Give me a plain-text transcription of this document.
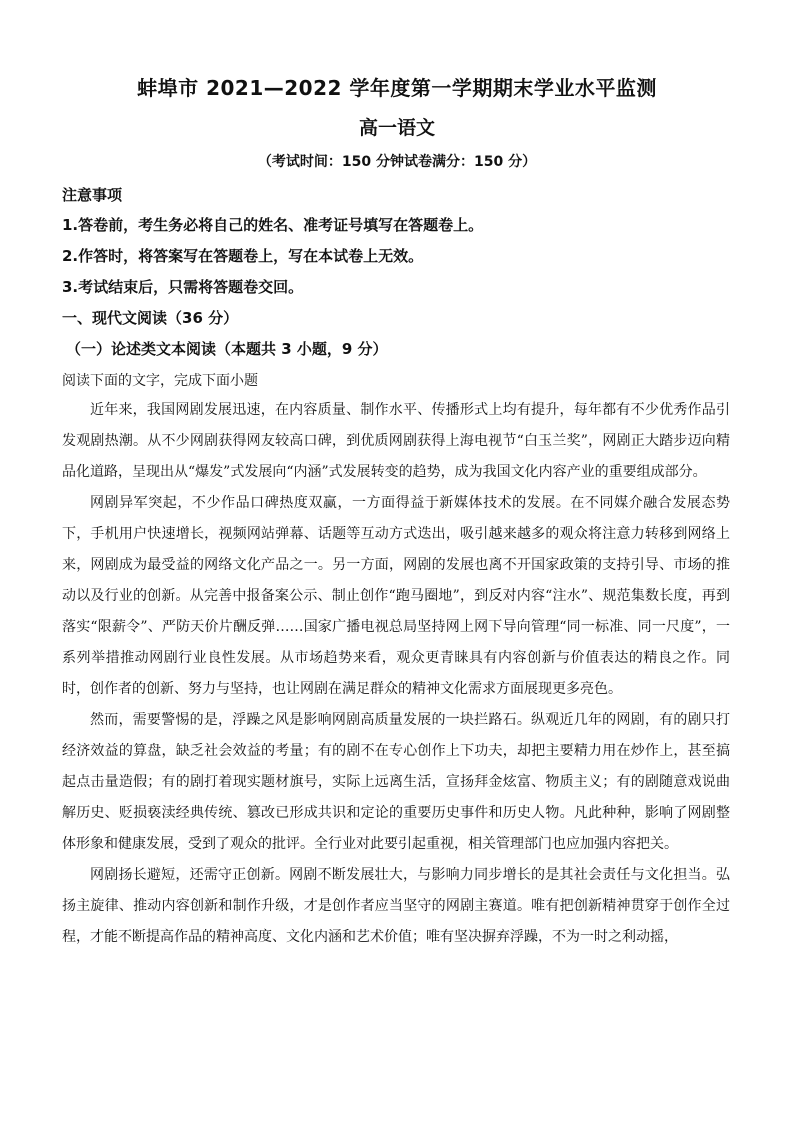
蚌埠市 2021—2022 学年度第一学期期末学业水平监测
高一语文
（考试时间：150 分钟试卷满分：150 分）
注意事项
1.答卷前，考生务必将自己的姓名、准考证号填写在答题卷上。
2.作答时，将答案写在答题卷上，写在本试卷上无效。
3.考试结束后，只需将答题卷交回。
一、现代文阅读（36 分）
（一）论述类文本阅读（本题共 3 小题，9 分）
阅读下面的文字，完成下面小题

近年来，我国网剧发展迅速，在内容质量、制作水平、传播形式上均有提升，每年都有不少优秀作品引发观剧热潮。从不少网剧获得网友较高口碑，到优质网剧获得上海电视节“白玉兰奖”，网剧正大踏步迈向精品化道路，呈现出从“爆发”式发展向“内涵”式发展转变的趋势，成为我国文化内容产业的重要组成部分。

网剧异军突起，不少作品口碑热度双赢，一方面得益于新媒体技术的发展。在不同媒介融合发展态势下，手机用户快速增长，视频网站弹幕、话题等互动方式迭出，吸引越来越多的观众将注意力转移到网络上来，网剧成为最受益的网络文化产品之一。另一方面，网剧的发展也离不开国家政策的支持引导、市场的推动以及行业的创新。从完善中报备案公示、制止创作“跑马圈地”，到反对内容“注水”、规范集数长度，再到落实“限薪令”、严防天价片酬反弹……国家广播电视总局坚持网上网下导向管理“同一标准、同一尺度”，一系列举措推动网剧行业良性发展。从市场趋势来看，观众更青睐具有内容创新与价值表达的精良之作。同时，创作者的创新、努力与坚持，也让网剧在满足群众的精神文化需求方面展现更多亮色。

然而，需要警惕的是，浮躁之风是影响网剧高质量发展的一块拦路石。纵观近几年的网剧，有的剧只打经济效益的算盘，缺乏社会效益的考量；有的剧不在专心创作上下功夫，却把主要精力用在炒作上，甚至搞起点击量造假；有的剧打着现实题材旗号，实际上远离生活，宣扬拜金炫富、物质主义；有的剧随意戏说曲解历史、贬损亵渎经典传统、篡改已形成共识和定论的重要历史事件和历史人物。凡此种种，影响了网剧整体形象和健康发展，受到了观众的批评。全行业对此要引起重视，相关管理部门也应加强内容把关。

网剧扬长避短，还需守正创新。网剧不断发展壮大，与影响力同步增长的是其社会责任与文化担当。弘扬主旋律、推动内容创新和制作升级，才是创作者应当坚守的网剧主赛道。唯有把创新精神贯穿于创作全过程，才能不断提高作品的精神高度、文化内涵和艺术价值；唯有坚决摒弃浮躁，不为一时之利动摇，
